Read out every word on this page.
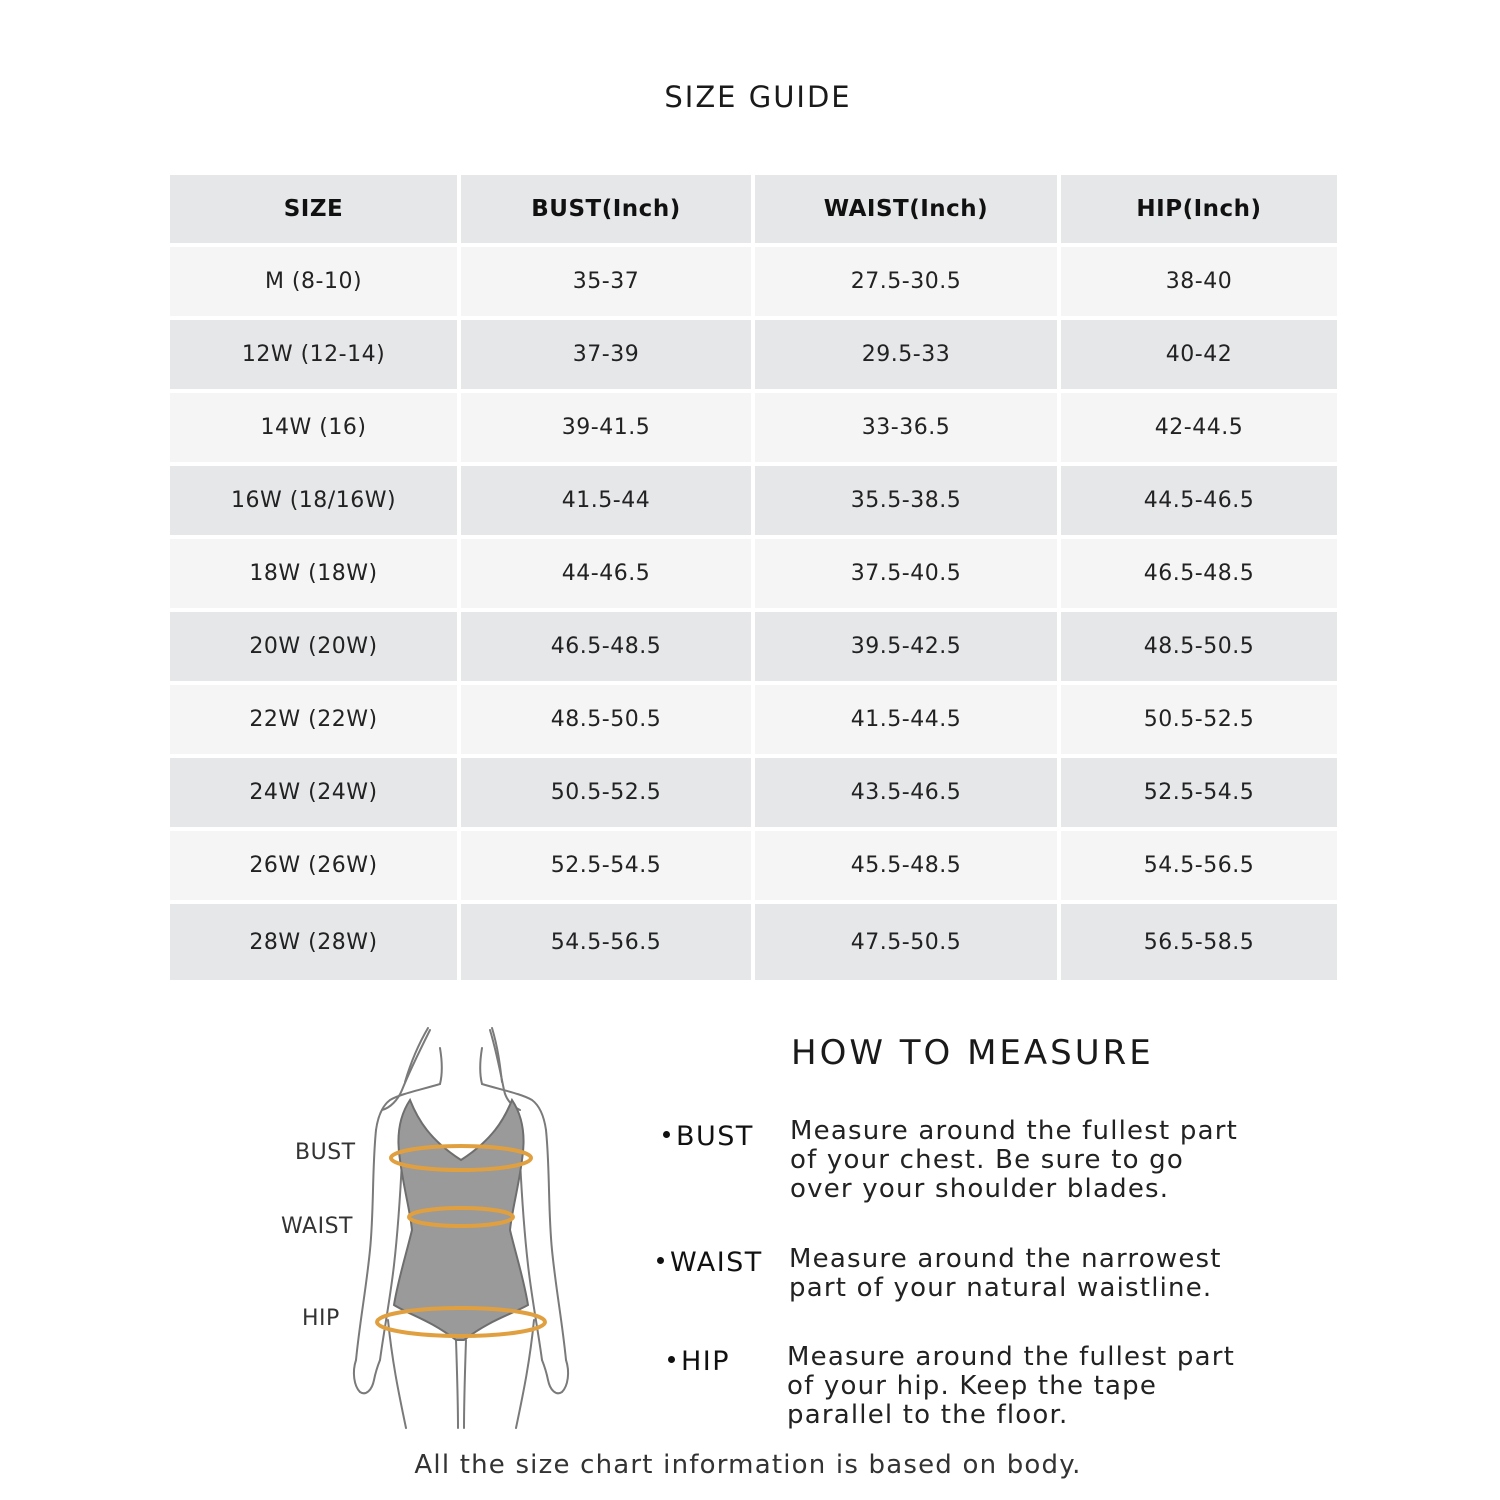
SIZE GUIDE
SIZE	BUST(Inch)	WAIST(Inch)	HIP(Inch)
M (8-10)	35-37	27.5-30.5	38-40
12W (12-14)	37-39	29.5-33	40-42
14W (16)	39-41.5	33-36.5	42-44.5
16W (18/16W)	41.5-44	35.5-38.5	44.5-46.5
18W (18W)	44-46.5	37.5-40.5	46.5-48.5
20W (20W)	46.5-48.5	39.5-42.5	48.5-50.5
22W (22W)	48.5-50.5	41.5-44.5	50.5-52.5
24W (24W)	50.5-52.5	43.5-46.5	52.5-54.5
26W (26W)	52.5-54.5	45.5-48.5	54.5-56.5
28W (28W)	54.5-56.5	47.5-50.5	56.5-58.5
BUST
WAIST
HIP
HOW TO MEASURE
BUST Measure around the fullest part
of your chest. Be sure to go
over your shoulder blades.
WAIST Measure around the narrowest
part of your natural waistline.
HIP Measure around the fullest part
of your hip. Keep the tape
parallel to the floor.
All the size chart information is based on body.
